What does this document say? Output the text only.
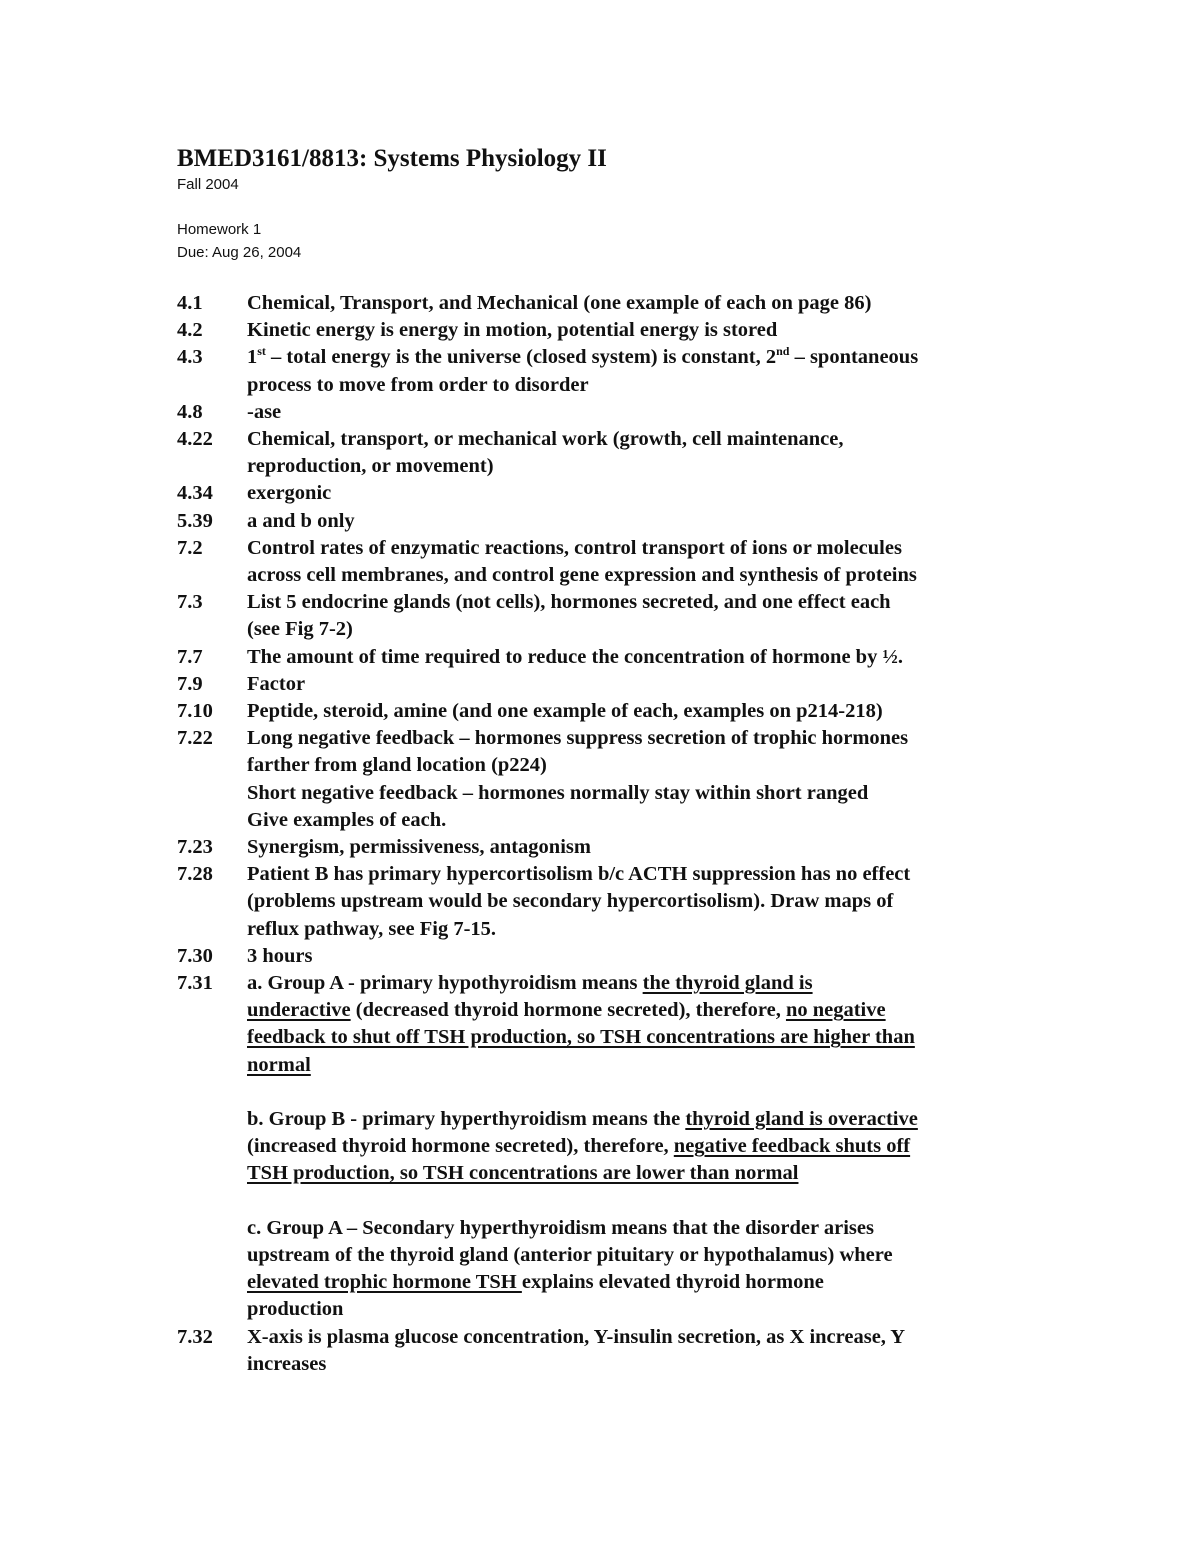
BMED3161/8813: Systems Physiology II
Fall 2004
Homework 1
Due: Aug 26, 2004
4.1	Chemical, Transport, and Mechanical (one example of each on page 86)
4.2	Kinetic energy is energy in motion, potential energy is stored
4.3	1st – total energy is the universe (closed system) is constant, 2nd – spontaneous
process to move from order to disorder
4.8	-ase
4.22	Chemical, transport, or mechanical work (growth, cell maintenance,
reproduction, or movement)
4.34	exergonic
5.39	a and b only
7.2	Control rates of enzymatic reactions, control transport of ions or molecules
across cell membranes, and control gene expression and synthesis of proteins
7.3	List 5 endocrine glands (not cells), hormones secreted, and one effect each
(see Fig 7-2)
7.7	The amount of time required to reduce the concentration of hormone by ½.
7.9	Factor
7.10	Peptide, steroid, amine (and one example of each, examples on p214-218)
7.22	Long negative feedback – hormones suppress secretion of trophic hormones
farther from gland location (p224)
Short negative feedback – hormones normally stay within short ranged
Give examples of each.
7.23	Synergism, permissiveness, antagonism
7.28	Patient B has primary hypercortisolism b/c ACTH suppression has no effect
(problems upstream would be secondary hypercortisolism). Draw maps of
reflux pathway, see Fig 7-15.
7.30	3 hours
7.31	a. Group A - primary hypothyroidism means the thyroid gland is
underactive (decreased thyroid hormone secreted), therefore, no negative
feedback to shut off TSH production, so TSH concentrations are higher than
normal
b. Group B - primary hyperthyroidism means the thyroid gland is overactive
(increased thyroid hormone secreted), therefore, negative feedback shuts off
TSH production, so TSH concentrations are lower than normal
c. Group A – Secondary hyperthyroidism means that the disorder arises
upstream of the thyroid gland (anterior pituitary or hypothalamus) where
elevated trophic hormone TSH explains elevated thyroid hormone
production
7.32	X-axis is plasma glucose concentration, Y-insulin secretion, as X increase, Y
increases
